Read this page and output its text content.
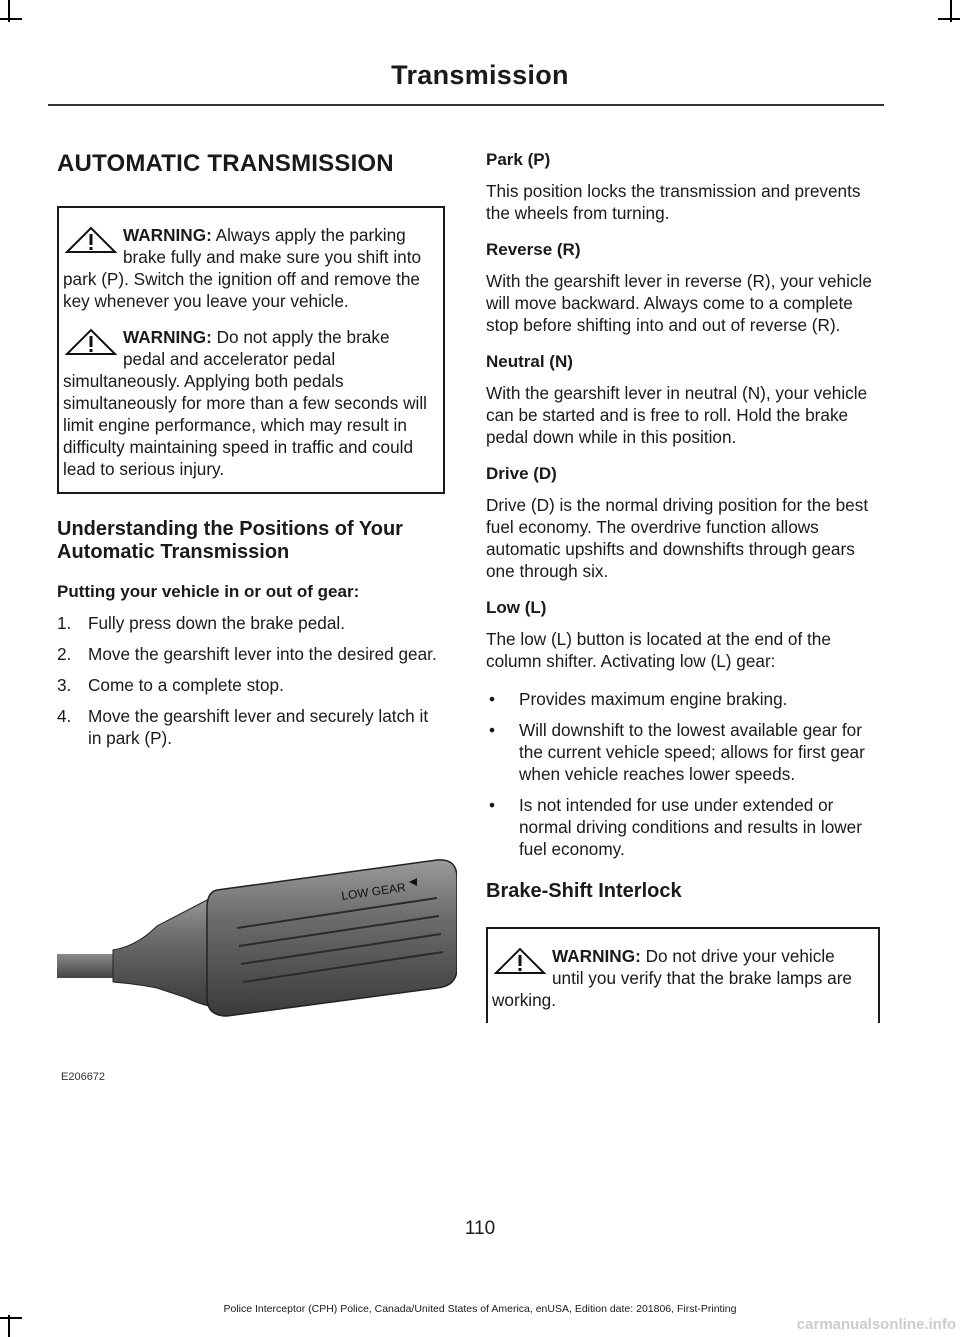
Transmission
AUTOMATIC TRANSMISSION
WARNING: Always apply the parking brake fully and make sure you shift into park (P). Switch the ignition off and remove the key whenever you leave your vehicle.
WARNING: Do not apply the brake pedal and accelerator pedal simultaneously. Applying both pedals simultaneously for more than a few seconds will limit engine performance, which may result in difficulty maintaining speed in traffic and could lead to serious injury.
Understanding the Positions of Your Automatic Transmission
Putting your vehicle in or out of gear:
1. Fully press down the brake pedal.
2. Move the gearshift lever into the desired gear.
3. Come to a complete stop.
4. Move the gearshift lever and securely latch it in park (P).
LOW GEAR
E206672
Park (P)

This position locks the transmission and prevents the wheels from turning.

Reverse (R)

With the gearshift lever in reverse (R), your vehicle will move backward. Always come to a complete stop before shifting into and out of reverse (R).

Neutral (N)

With the gearshift lever in neutral (N), your vehicle can be started and is free to roll. Hold the brake pedal down while in this position.

Drive (D)

Drive (D) is the normal driving position for the best fuel economy. The overdrive function allows automatic upshifts and downshifts through gears one through six.

Low (L)

The low (L) button is located at the end of the column shifter. Activating low (L) gear:

• Provides maximum engine braking.
• Will downshift to the lowest available gear for the current vehicle speed; allows for first gear when vehicle reaches lower speeds.
• Is not intended for use under extended or normal driving conditions and results in lower fuel economy.
Brake-Shift Interlock
WARNING: Do not drive your vehicle until you verify that the brake lamps are working.
110
Police Interceptor (CPH) Police, Canada/United States of America, enUSA, Edition date: 201806, First-Printing
carmanualsonline.info
